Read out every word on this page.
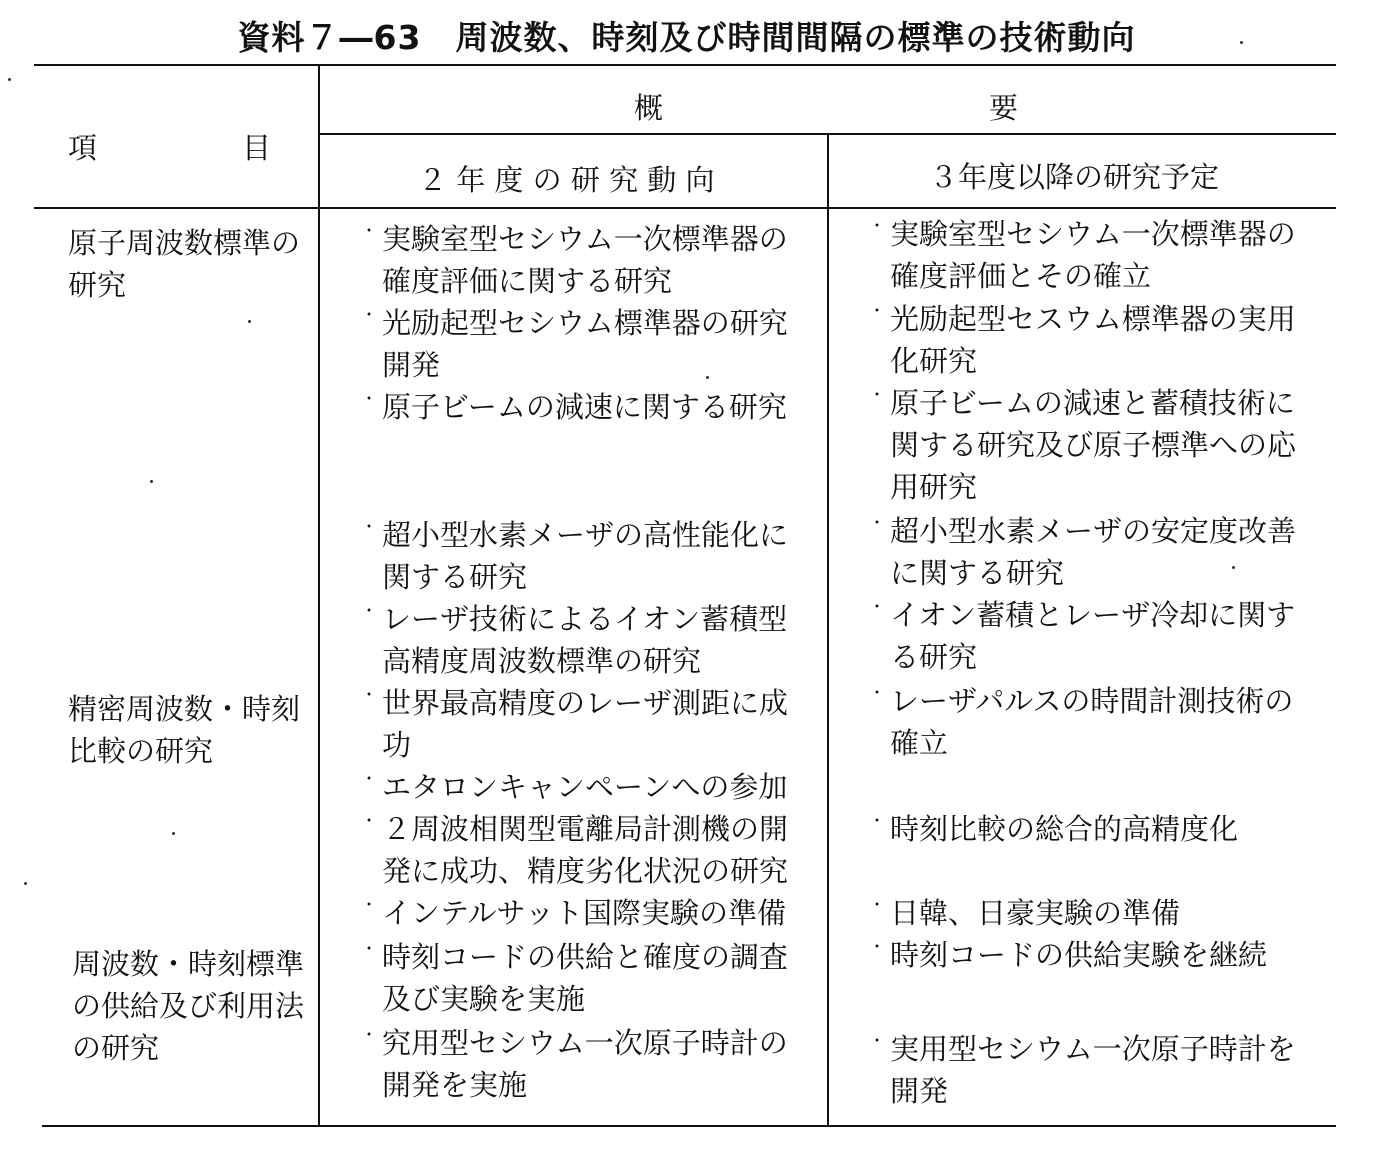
資料７―63　周波数、時刻及び時間間隔の標準の技術動向
項　　　　　目
概	要
２ 年 度 の 研 究 動 向	３年度以降の研究予定
原子周波数標準の研究
精密周波数・時刻比較の研究
周波数・時刻標準の供給及び利用法の研究
・ 実験室型セシウム一次標準器の確度評価に関する研究
・ 光励起型セシウム標準器の研究開発
・ 原子ビームの減速に関する研究
・ 超小型水素メーザの高性能化に関する研究
・ レーザ技術によるイオン蓄積型高精度周波数標準の研究
・ 世界最高精度のレーザ測距に成功
・ エタロンキャンペーンへの参加
・ ２周波相関型電離局計測機の開発に成功、精度劣化状況の研究
・ インテルサット国際実験の準備
・ 時刻コードの供給と確度の調査及び実験を実施
・ 究用型セシウム一次原子時計の開発を実施
・ 実験室型セシウム一次標準器の確度評価とその確立
・ 光励起型セスウム標準器の実用化研究
・ 原子ビームの減速と蓄積技術に関する研究及び原子標準への応用研究
・ 超小型水素メーザの安定度改善に関する研究
・ イオン蓄積とレーザ冷却に関する研究
・ レーザパルスの時間計測技術の確立
・ 時刻比較の総合的高精度化
・ 日韓、日豪実験の準備
・ 時刻コードの供給実験を継続
・ 実用型セシウム一次原子時計を開発
